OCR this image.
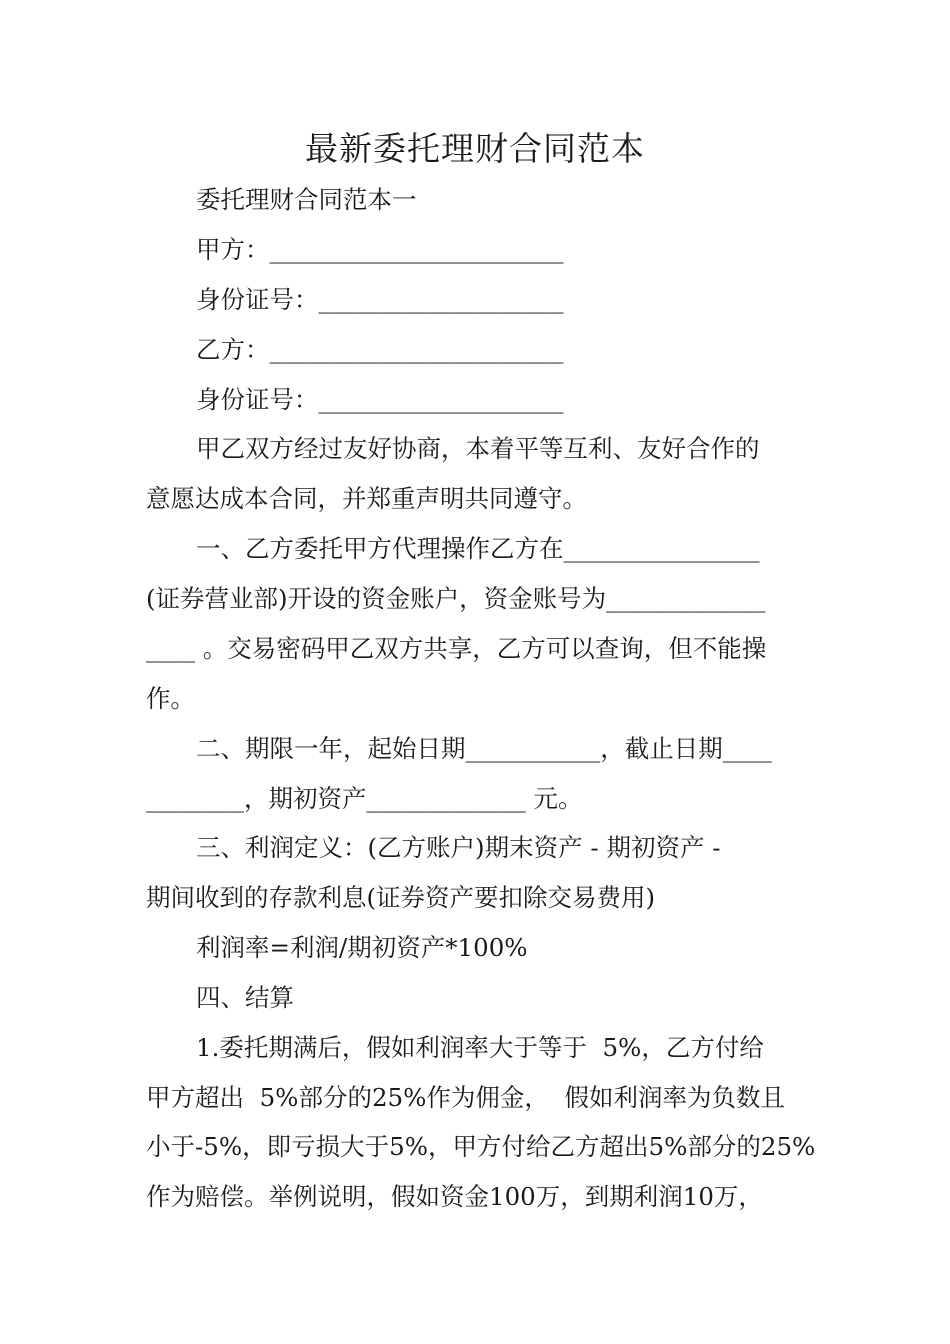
最新委托理财合同范本
委托理财合同范本一
甲方：________________________
身份证号：____________________
乙方：________________________
身份证号：____________________
甲乙双方经过友好协商，本着平等互利、友好合作的
意愿达成本合同，并郑重声明共同遵守。
一、乙方委托甲方代理操作乙方在________________
(证券营业部)开设的资金账户，资金账号为_____________
____ 。交易密码甲乙双方共享，乙方可以查询，但不能操
作。
二、期限一年，起始日期___________，截止日期____
________，期初资产_____________ 元。
三、利润定义：(乙方账户)期末资产 - 期初资产 -
期间收到的存款利息(证券资产要扣除交易费用)
利润率=利润/期初资产*100%
四、结算
1.委托期满后，假如利润率大于等于  5%，乙方付给
甲方超出  5%部分的25%作为佣金，  假如利润率为负数且
小于-5%，即亏损大于5%，甲方付给乙方超出5%部分的25%
作为赔偿。举例说明，假如资金100万，到期利润10万，
